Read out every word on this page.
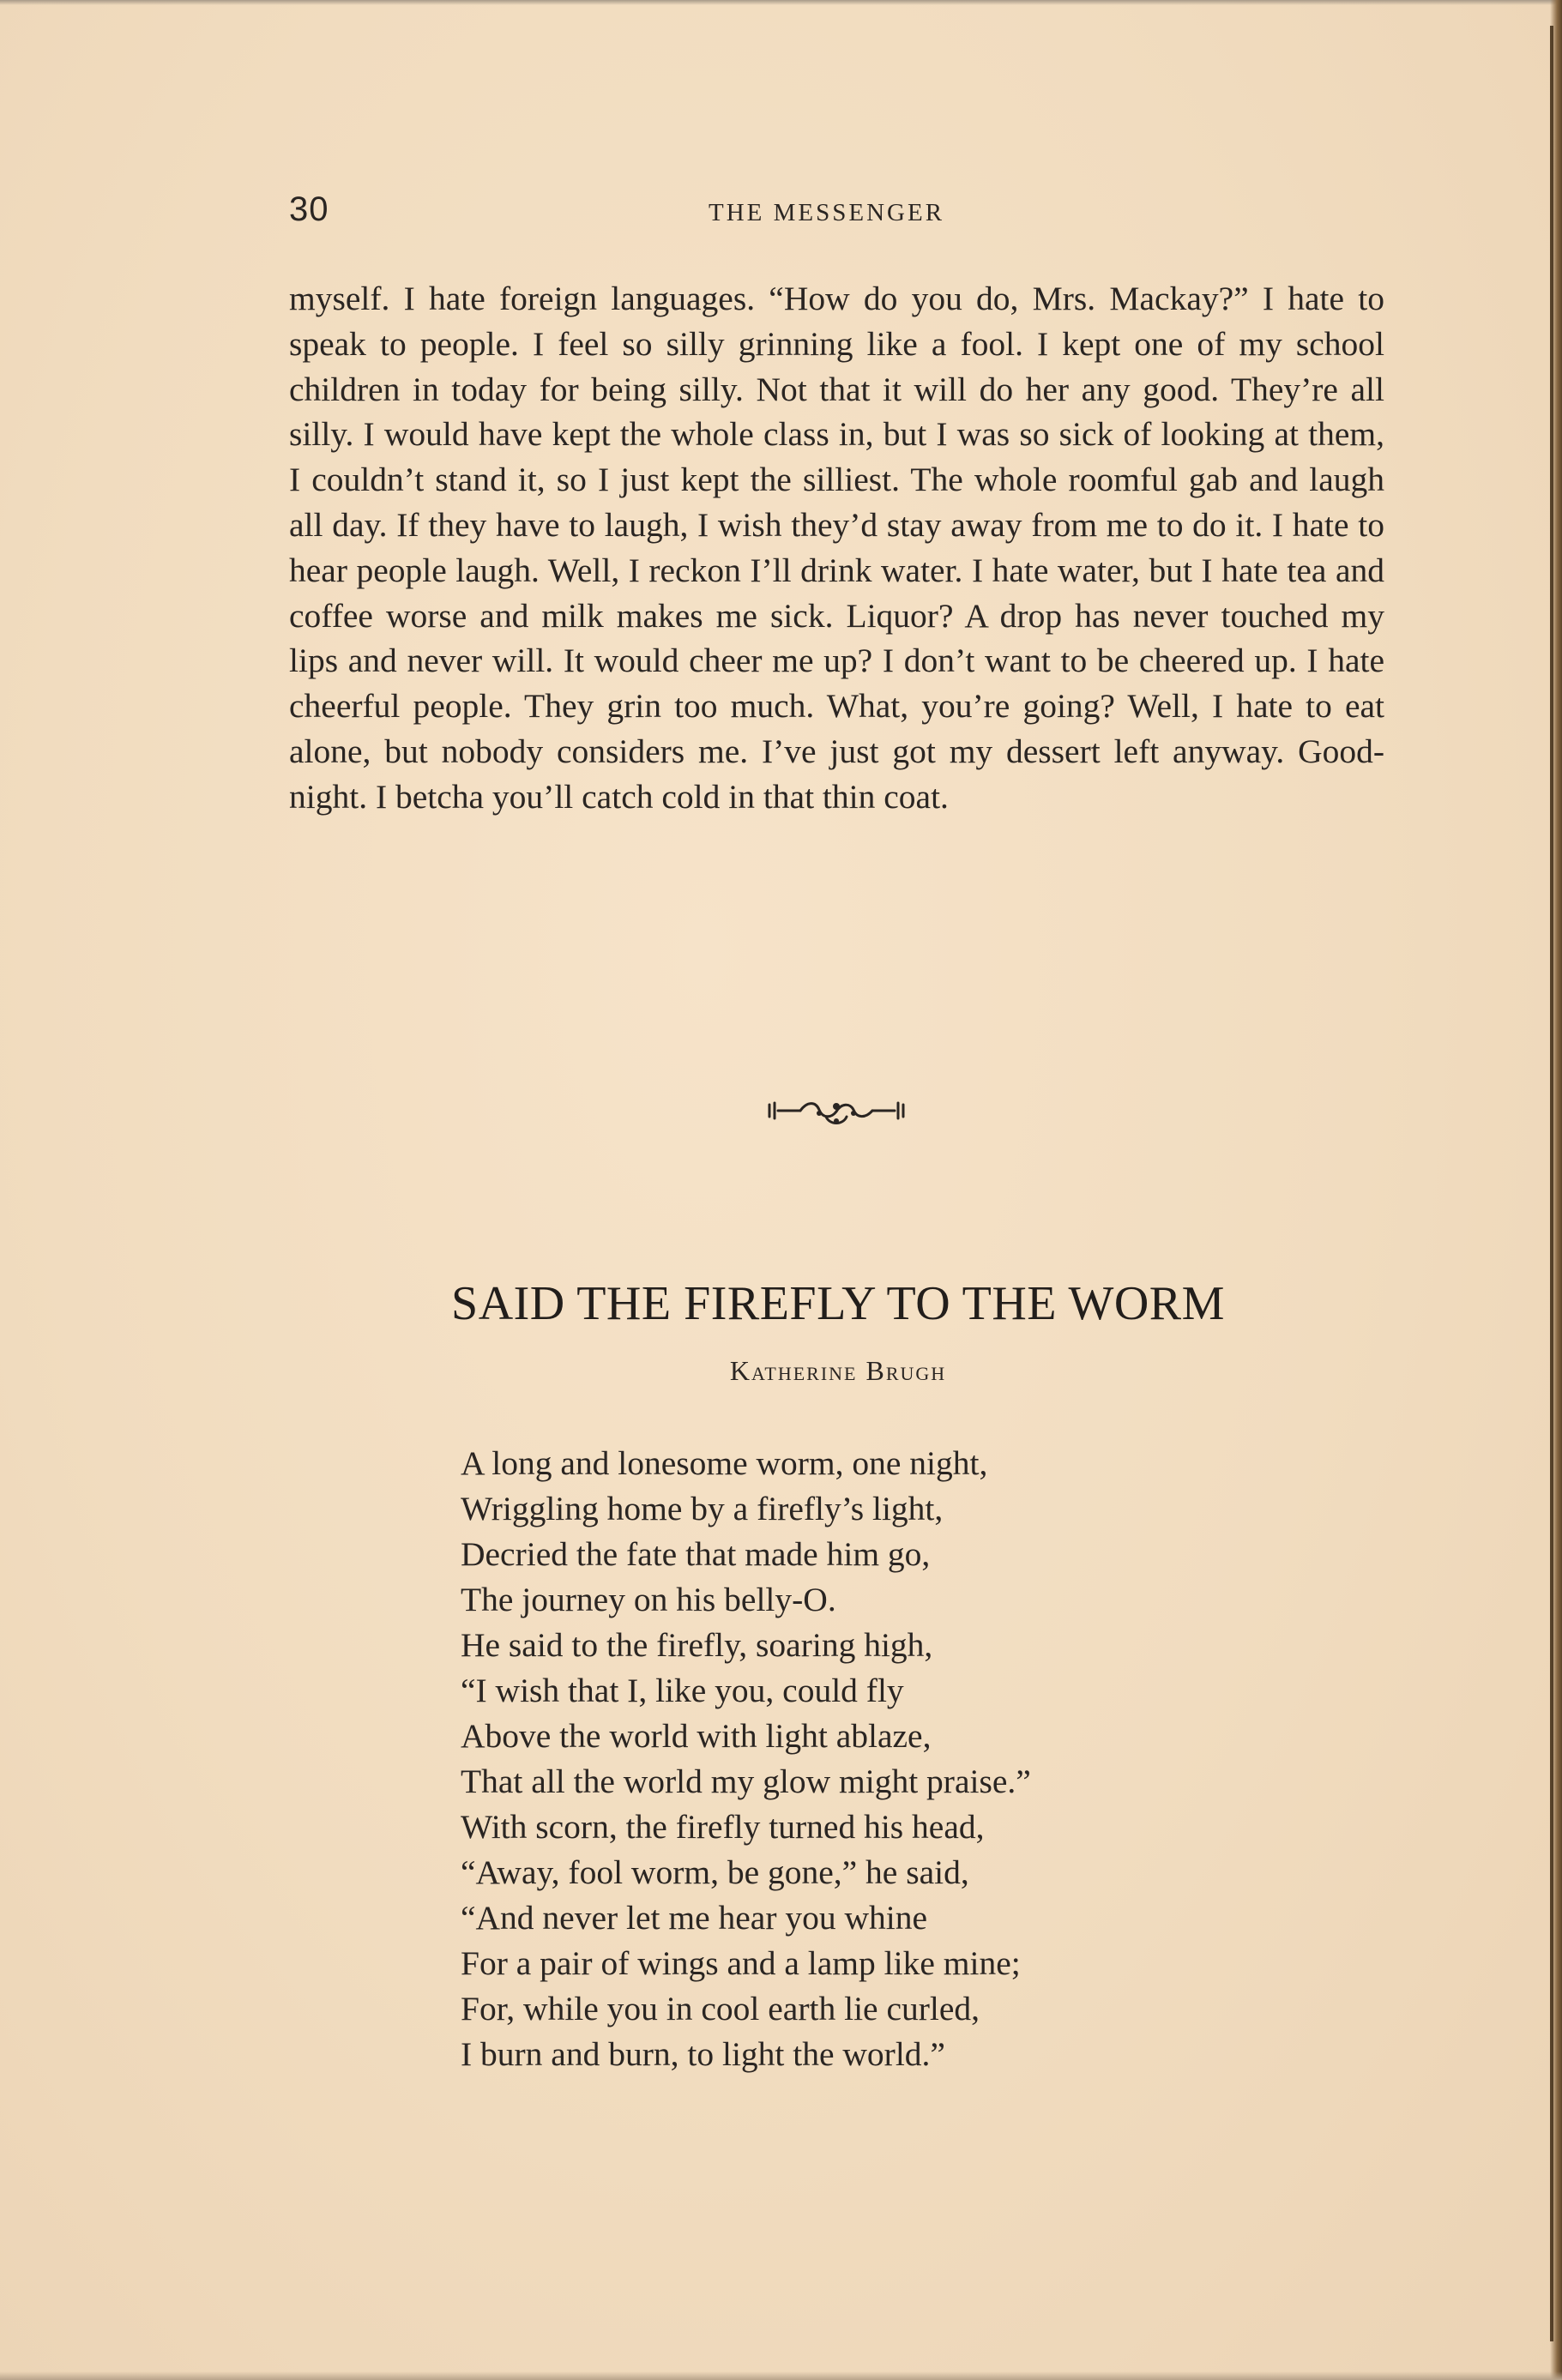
30	THE MESSENGER

myself. I hate foreign languages. “How do you do, Mrs. Mackay?” I hate to speak to people. I feel so silly grinning like a fool. I kept one of my school children in today for being silly. Not that it will do her any good. They’re all silly. I would have kept the whole class in, but I was so sick of looking at them, I couldn’t stand it, so I just kept the silliest. The whole roomful gab and laugh all day. If they have to laugh, I wish they’d stay away from me to do it. I hate to hear people laugh. Well, I reckon I’ll drink water. I hate water, but I hate tea and coffee worse and milk makes me sick. Liquor? A drop has never touched my lips and never will. It would cheer me up? I don’t want to be cheered up. I hate cheerful people. They grin too much. What, you’re going? Well, I hate to eat alone, but nobody considers me. I’ve just got my dessert left anyway. Good-night. I betcha you’ll catch cold in that thin coat.

SAID THE FIREFLY TO THE WORM
Katherine Brugh
A long and lonesome worm, one night,
Wriggling home by a firefly’s light,
Decried the fate that made him go,
The journey on his belly-O.
He said to the firefly, soaring high,
“I wish that I, like you, could fly
Above the world with light ablaze,
That all the world my glow might praise.”
With scorn, the firefly turned his head,
“Away, fool worm, be gone,” he said,
“And never let me hear you whine
For a pair of wings and a lamp like mine;
For, while you in cool earth lie curled,
I burn and burn, to light the world.”
